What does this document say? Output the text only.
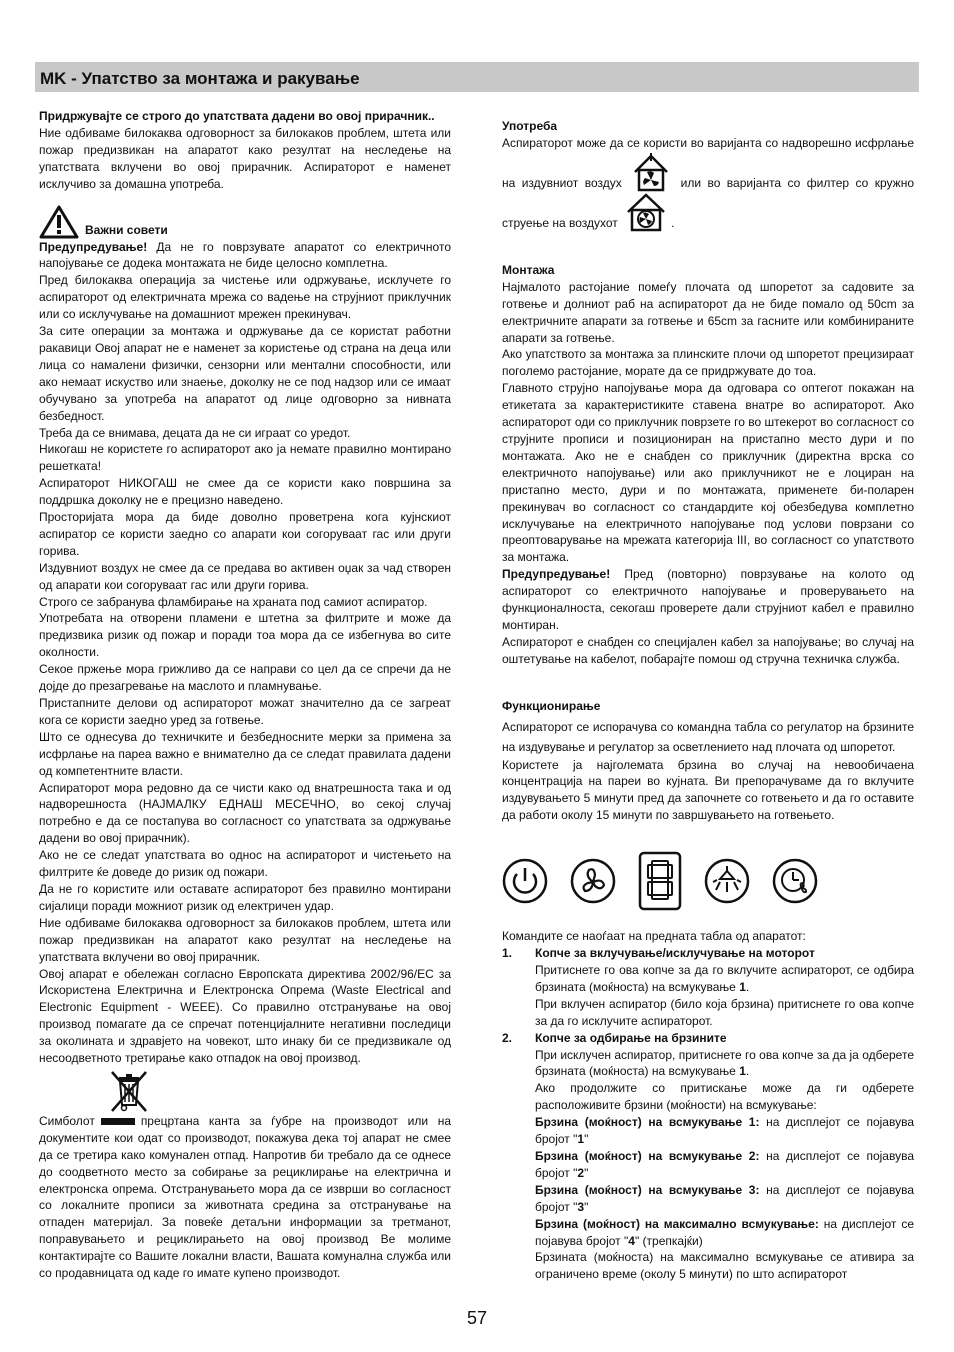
MK - Упатство за монтажа и ракување

Придржувајте се строго до упатствата дадени во овој прирачник..

Ние одбиваме билокаква одговорност за билокаков проблем, штета или пожар предизвикан на апаратот како резултат на неследење на упатствата вклучени во овој прирачник. Аспираторот е наменет исклучиво за домашна употреба.

Важни совети

Предупредување! Да не го поврзувате апаратот со електричното напојување се додека монтажата не биде целосно комплетна.

Пред билокаква операција за чистење или одржување, исклучете го аспираторот од електричната мрежа со вадење на струјниот приклучник или со исклучување на домашниот мрежен прекинувач.

За сите операции за монтажа и одржување да се користат работни ракавици Овој апарат не е наменет за користење од страна на деца или лица со намалени физички, сензорни или ментални способности, или ако немаат искуство или знаење, доколку не се под надзор или се имаат обучувано за употреба на апаратот од лице одговорно за нивната безбедност.

Треба да се внимава, децата да не си играат со уредот.

Никогаш не користете го аспираторот ако ја немате правилно монтирано решетката!

Аспираторот НИКОГАШ не смее да се користи како површина за поддршка доколку не е прецизно наведено.

Просторијата мора да биде доволно проветрена кога кујнскиот аспиратор се користи заедно со апарати кои согоруваат гас или други горива.

Издувниот воздух не смее да се предава во активен оџак за чад створен од апарати кои согоруваат гас или други горива.

Строго се забранува фламбирање на храната под самиот аспиратор.

Употребата на отворени пламени е штетна за филтрите и може да предизвика ризик од пожар и поради тоа мора да се избегнува во сите околности.

Секое пржење мора грижливо да се направи со цел да се спречи да не дојде до презагревање на маслото и пламнување.

Пристапните делови од аспираторот можат значително да се загреат кога се користи заедно уред за готвење.

Што се однесува до техничките и безбедносните мерки за примена за исфрлање на пареа важно е внимателно да се следат правилата дадени од компетентните власти.

Аспираторот мора редовно да се чисти како од внатрешноста така и од надворешноста (НАЈМАЛКУ ЕДНАШ МЕСЕЧНО, во секој случај потребно е да се постапува во согласност со упатствата за одржување дадени во овој прирачник).

Ако не се следат упатствата во однос на аспираторот и чистењето на филтрите ќе доведе до ризик од пожари.

Да не го користите или оставате аспираторот без правилно монтирани сијалици поради можниот ризик од електричен удар.

Ние одбиваме билокаква одговорност за билокаков проблем, штета или пожар предизвикан на апаратот како резултат на неследење на упатствата вклучени во овој прирачник.

Овој апарат е обележан согласно Европската директива 2002/96/EC за Искористена Електрична и Електронска Опрема (Waste Electrical and Electronic Equipment - WEEE). Со правилно отстранување на овој производ помагате да се спречат потенцијалните негативни последици за околината и здравјето на човекот, што инаку би се предизвикале од несоодветното третирање како отпадок на овој производ.

Симболот	прецртана канта за ѓубре на производот или на документите кои одат со производот, покажува дека тој апарат не смее да се третира како комунален отпад. Напротив би требало да се однесе до соодветното место за собирање за рециклирање на електрична и електронска опрема. Отстранувањето мора да се изврши во согласност со локалните прописи за животната средина за отстранување на отпаден материјал. За повеќе детаљни информации за третманот, поправувањето и рециклирањето на овој производ Ве молиме контактирајте со Вашите локални власти, Вашата комунална служба или со продавницата од каде го имате купено производот.

Употреба

Аспираторот може да се користи во варијанта со надворешно исфрлање на издувниот воздух	или во варијанта со филтер со кружно струење на воздухот	.

Монтажа

Најмалото растојание помеѓу плочата од шпоретот за садовите за готвење и долниот раб на аспираторот да не биде помало од 50cm за електричните апарати за готвење и 65cm за гасните или комбинираните апарати за готвење.

Ако упатството за монтажа за плинските плочи од шпоретот прецизираат поголемо растојание, морате да се придржувате до тоа.

Главното струјно напојување мора да одговара со оптегот покажан на етикетата за карактеристиките ставена внатре во аспираторот. Ако аспираторот оди со приклучник поврзете го во штекерот во согласност со струјните прописи и позициониран на пристапно место дури и по монтажата. Ако не е снабден со приклучник (директна врска со електричното напојување) или ако приклучникот не е лоциран на пристапно место, дури и по монтажата, применете би-поларен прекинувач во согласност со стандардите кој обезбедува комплетно исклучување на електричното напојување под услови поврзани со преоптоварување на мрежата категорија III, во согласност со упатството за монтажа.

Предупредување! Пред (повторно) поврзување на колото од аспираторот со електричното напојување и проверувањето на функционалноста, секогаш проверете дали струјниот кабел е правилно монтиран.

Аспираторот е снабден со специјален кабел за напојување; во случај на оштетување на кабелот, побарајте помош од стручна техничка служба.

Функционирање

Аспираторот се испорачува со командна табла со регулатор на брзините на издувување и регулатор за осветлението над плочата од шпоретот.

Користете ја најголемата брзина во случај на невообичаена концентрација на пареи во кујната. Ви препорачуваме да го вклучите издувувањето 5 минути пред да започнете со готвењето и да го оставите да работи околу 15 минути по завршувањето на готвењето.

Командите се наоѓаат на предната табла од апаратот:

1. Копче за вклучување/исклучување на моторот

Притиснете го ова копче за да го вклучите аспираторот, се одбира брзината (моќноста) на всмукување 1.

При вклучен аспиратор (било која брзина) притиснете го ова копче за да го исклучите аспираторот.

2. Копче за одбирање на брзините

При исклучен аспиратор, притиснете го ова копче за да ја одберете брзината (моќноста) на всмукување 1.

Ако продолжите со притискање може да ги одберете расположивите брзини (моќности) на всмукување:

Брзина (моќност) на всмукување 1: на дисплејот се појавува бројот "1"

Брзина (моќност) на всмукување 2: на дисплејот се појавува бројот "2"

Брзина (моќност) на всмукување 3: на дисплејот се појавува бројот "3"

Брзина (моќност) на максимално всмукување: на дисплејот се појавува бројот "4" (трепкајќи)

Брзината (моќноста) на максимално всмукување се ативира за ограничено време (околу 5 минути) по што аспираторот

57
